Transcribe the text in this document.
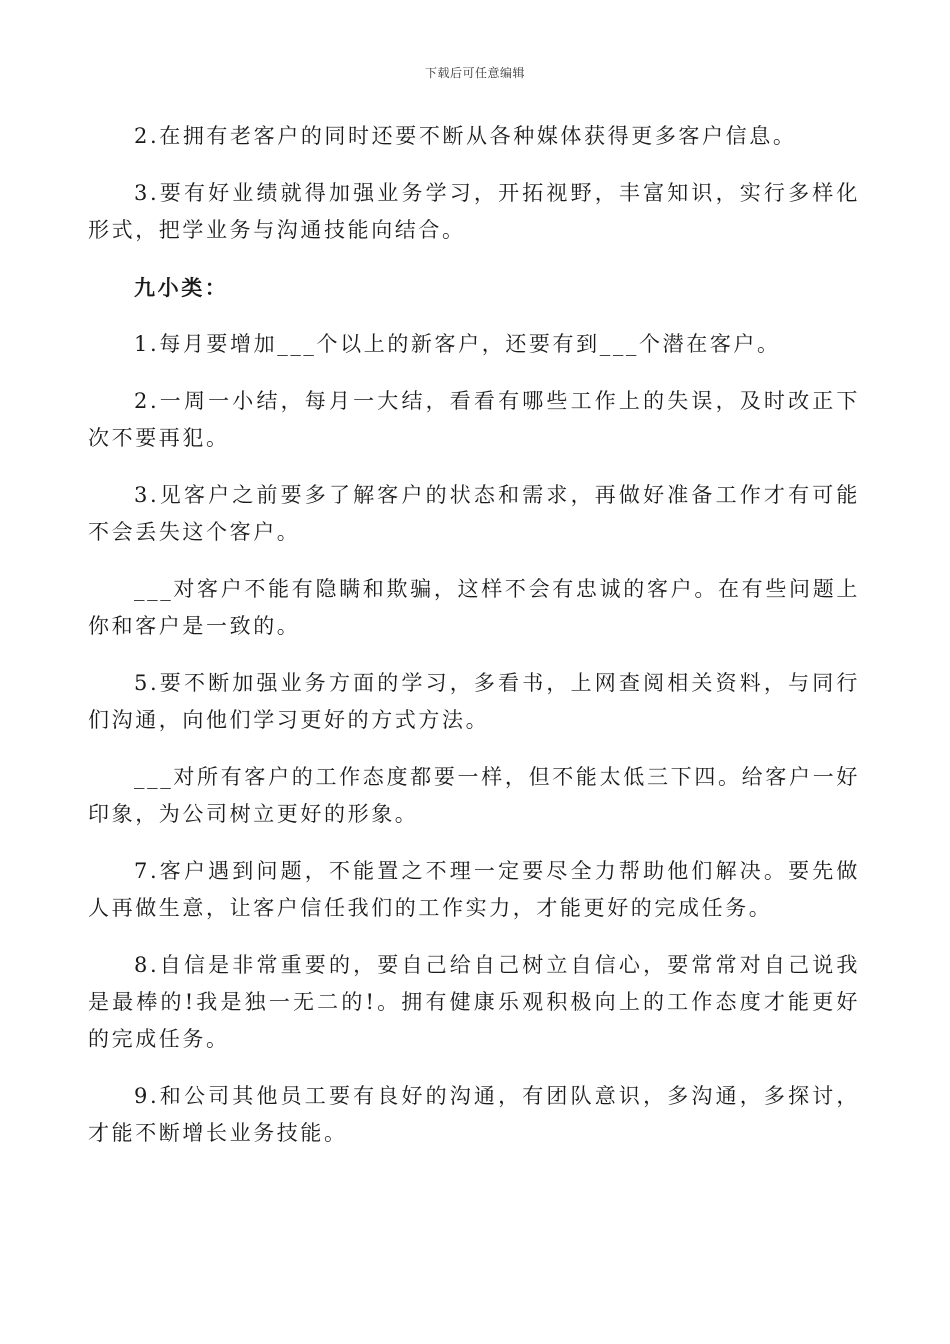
下载后可任意编辑

2.在拥有老客户的同时还要不断从各种媒体获得更多客户信息。

3.要有好业绩就得加强业务学习，开拓视野，丰富知识，实行多样化形式，把学业务与沟通技能向结合。

九小类：

1.每月要增加___个以上的新客户，还要有到___个潜在客户。

2.一周一小结，每月一大结，看看有哪些工作上的失误，及时改正下次不要再犯。

3.见客户之前要多了解客户的状态和需求，再做好准备工作才有可能不会丢失这个客户。

___对客户不能有隐瞒和欺骗，这样不会有忠诚的客户。在有些问题上你和客户是一致的。

5.要不断加强业务方面的学习，多看书，上网查阅相关资料，与同行们沟通，向他们学习更好的方式方法。

___对所有客户的工作态度都要一样，但不能太低三下四。给客户一好印象，为公司树立更好的形象。

7.客户遇到问题，不能置之不理一定要尽全力帮助他们解决。要先做人再做生意，让客户信任我们的工作实力，才能更好的完成任务。

8.自信是非常重要的，要自己给自己树立自信心，要常常对自己说我是最棒的!我是独一无二的!。拥有健康乐观积极向上的工作态度才能更好的完成任务。

9.和公司其他员工要有良好的沟通，有团队意识，多沟通，多探讨，才能不断增长业务技能。
